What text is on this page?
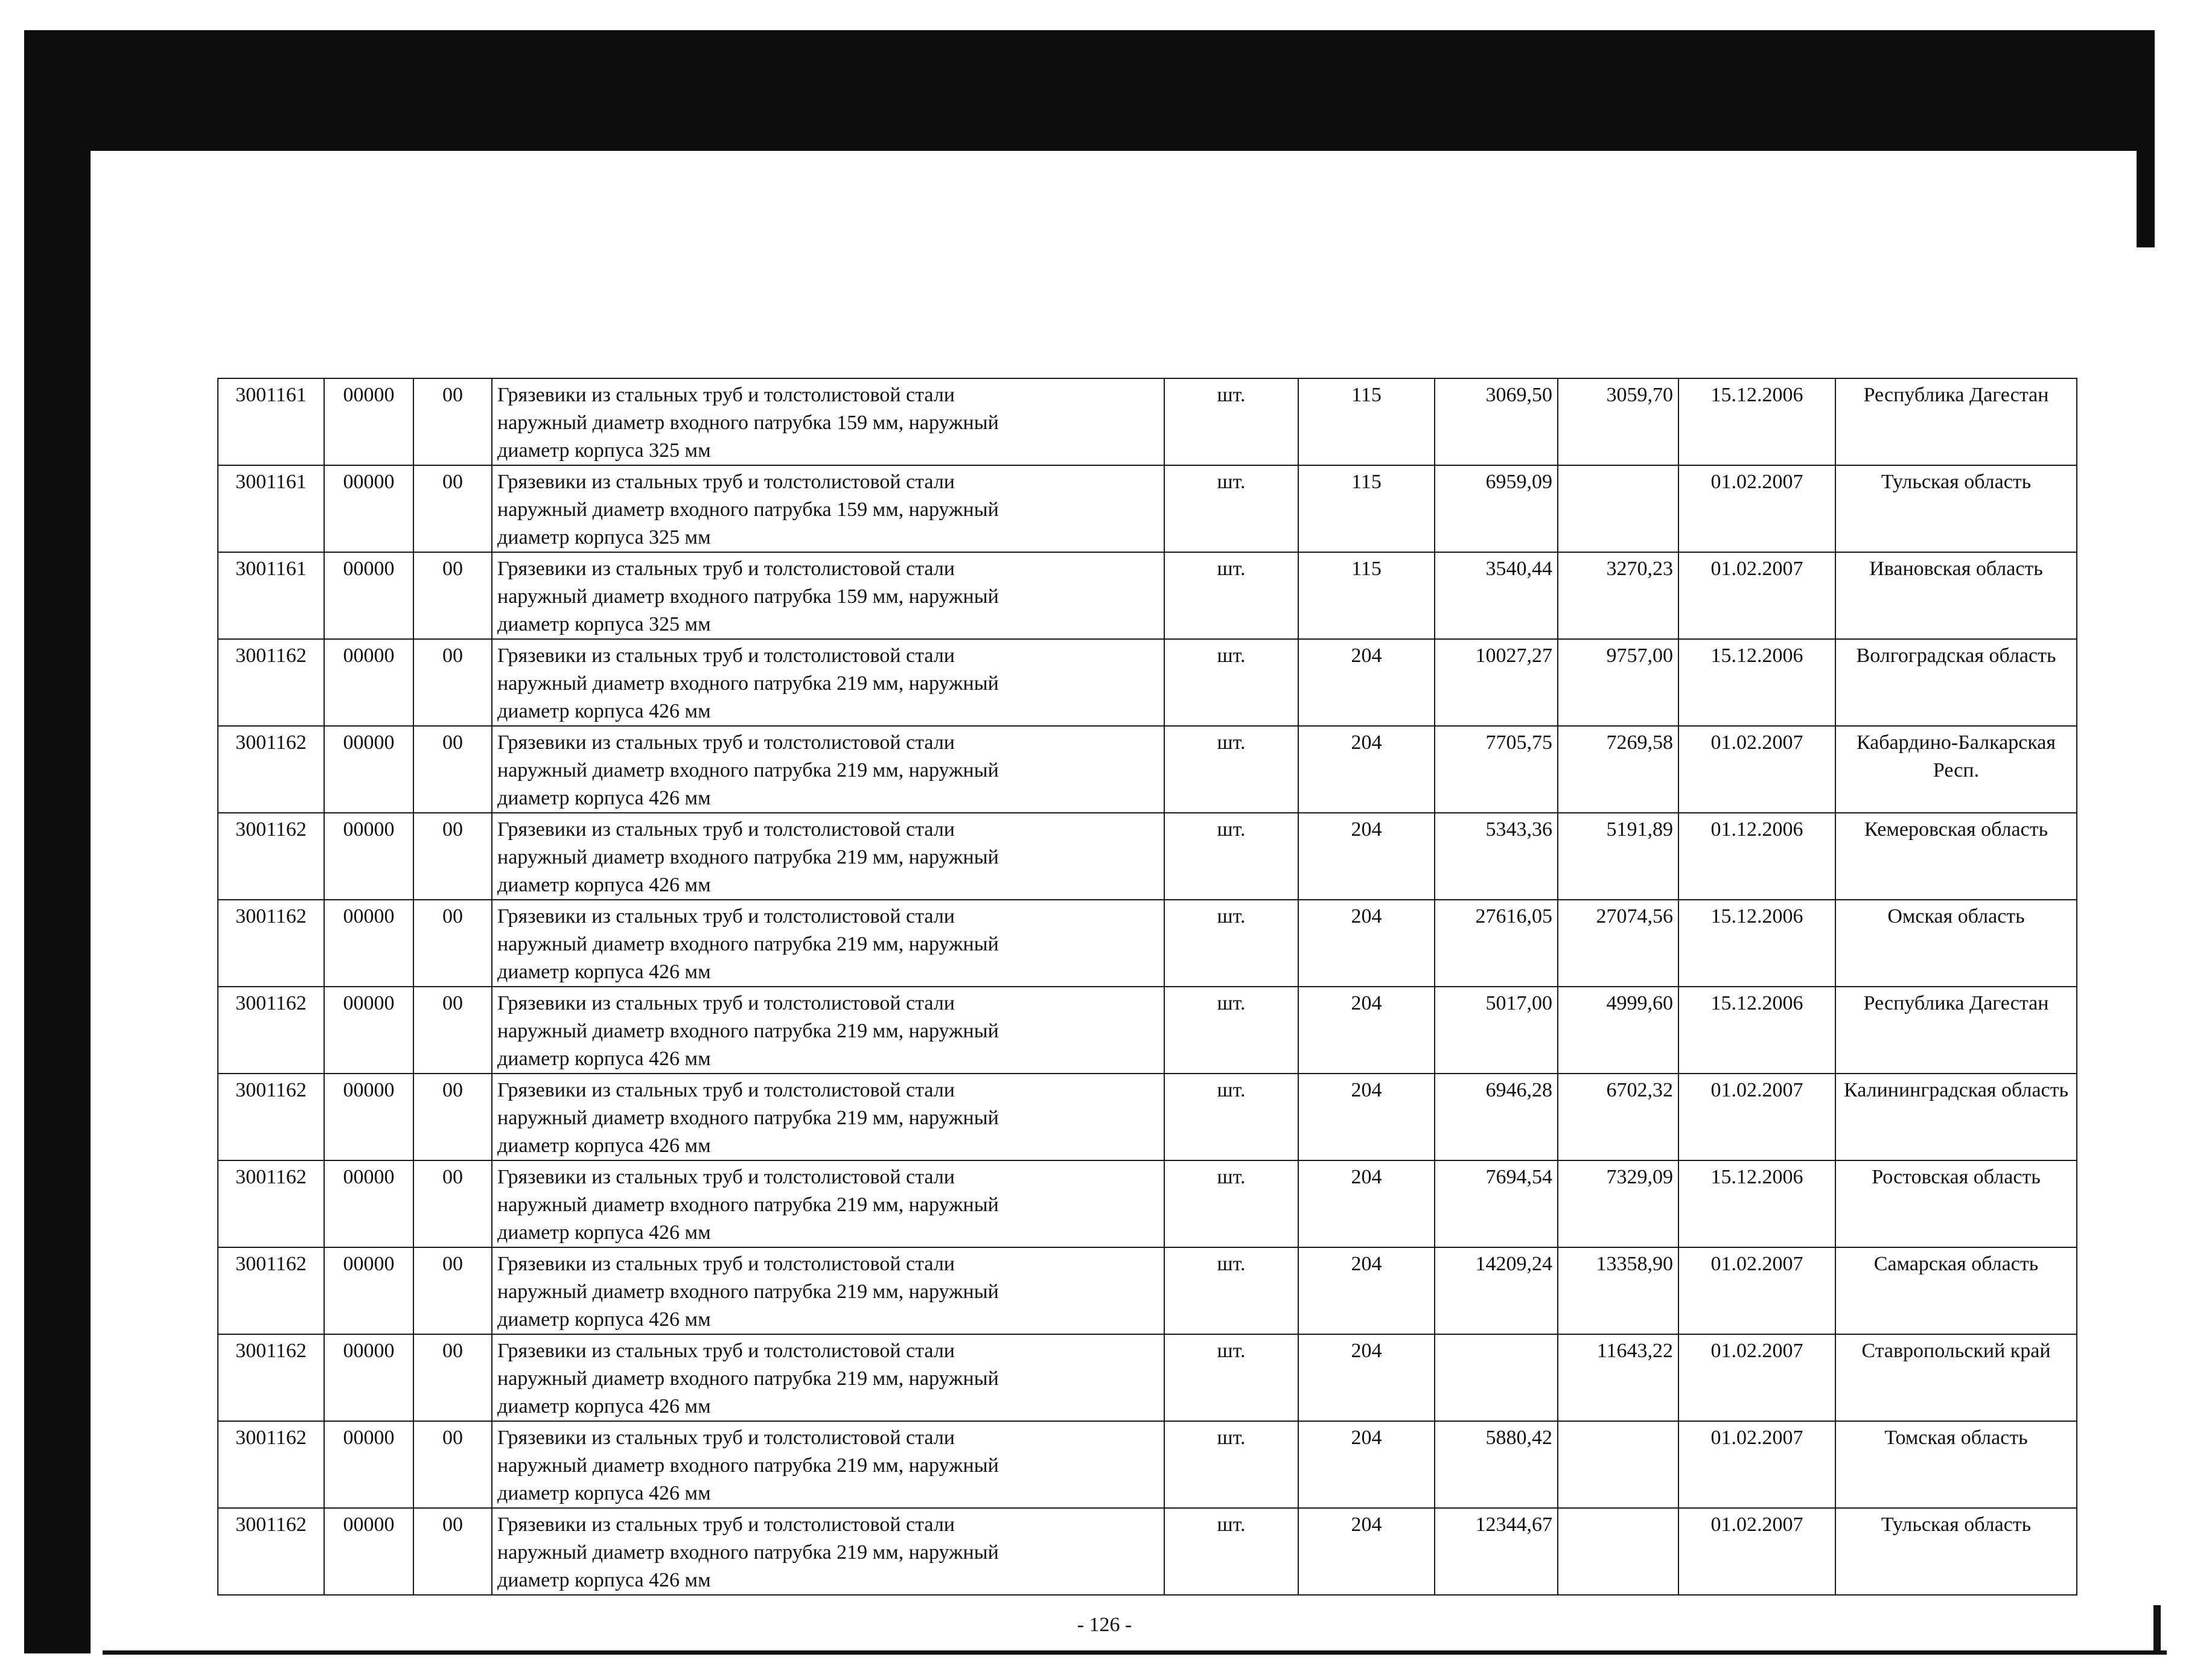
3001161	00000	00	Грязевики из стальных труб и толстолистовой стали
наружный диаметр входного патрубка 159 мм, наружный
диаметр корпуса 325 мм	шт.	115	3069,50	3059,70	15.12.2006	Республика Дагестан
3001161	00000	00	Грязевики из стальных труб и толстолистовой стали
наружный диаметр входного патрубка 159 мм, наружный
диаметр корпуса 325 мм	шт.	115	6959,09		01.02.2007	Тульская область
3001161	00000	00	Грязевики из стальных труб и толстолистовой стали
наружный диаметр входного патрубка 159 мм, наружный
диаметр корпуса 325 мм	шт.	115	3540,44	3270,23	01.02.2007	Ивановская область
3001162	00000	00	Грязевики из стальных труб и толстолистовой стали
наружный диаметр входного патрубка 219 мм, наружный
диаметр корпуса 426 мм	шт.	204	10027,27	9757,00	15.12.2006	Волгоградская область
3001162	00000	00	Грязевики из стальных труб и толстолистовой стали
наружный диаметр входного патрубка 219 мм, наружный
диаметр корпуса 426 мм	шт.	204	7705,75	7269,58	01.02.2007	Кабардино-Балкарская Респ.
3001162	00000	00	Грязевики из стальных труб и толстолистовой стали
наружный диаметр входного патрубка 219 мм, наружный
диаметр корпуса 426 мм	шт.	204	5343,36	5191,89	01.12.2006	Кемеровская область
3001162	00000	00	Грязевики из стальных труб и толстолистовой стали
наружный диаметр входного патрубка 219 мм, наружный
диаметр корпуса 426 мм	шт.	204	27616,05	27074,56	15.12.2006	Омская область
3001162	00000	00	Грязевики из стальных труб и толстолистовой стали
наружный диаметр входного патрубка 219 мм, наружный
диаметр корпуса 426 мм	шт.	204	5017,00	4999,60	15.12.2006	Республика Дагестан
3001162	00000	00	Грязевики из стальных труб и толстолистовой стали
наружный диаметр входного патрубка 219 мм, наружный
диаметр корпуса 426 мм	шт.	204	6946,28	6702,32	01.02.2007	Калининградская область
3001162	00000	00	Грязевики из стальных труб и толстолистовой стали
наружный диаметр входного патрубка 219 мм, наружный
диаметр корпуса 426 мм	шт.	204	7694,54	7329,09	15.12.2006	Ростовская область
3001162	00000	00	Грязевики из стальных труб и толстолистовой стали
наружный диаметр входного патрубка 219 мм, наружный
диаметр корпуса 426 мм	шт.	204	14209,24	13358,90	01.02.2007	Самарская область
3001162	00000	00	Грязевики из стальных труб и толстолистовой стали
наружный диаметр входного патрубка 219 мм, наружный
диаметр корпуса 426 мм	шт.	204		11643,22	01.02.2007	Ставропольский край
3001162	00000	00	Грязевики из стальных труб и толстолистовой стали
наружный диаметр входного патрубка 219 мм, наружный
диаметр корпуса 426 мм	шт.	204	5880,42		01.02.2007	Томская область
3001162	00000	00	Грязевики из стальных труб и толстолистовой стали
наружный диаметр входного патрубка 219 мм, наружный
диаметр корпуса 426 мм	шт.	204	12344,67		01.02.2007	Тульская область
- 126 -
